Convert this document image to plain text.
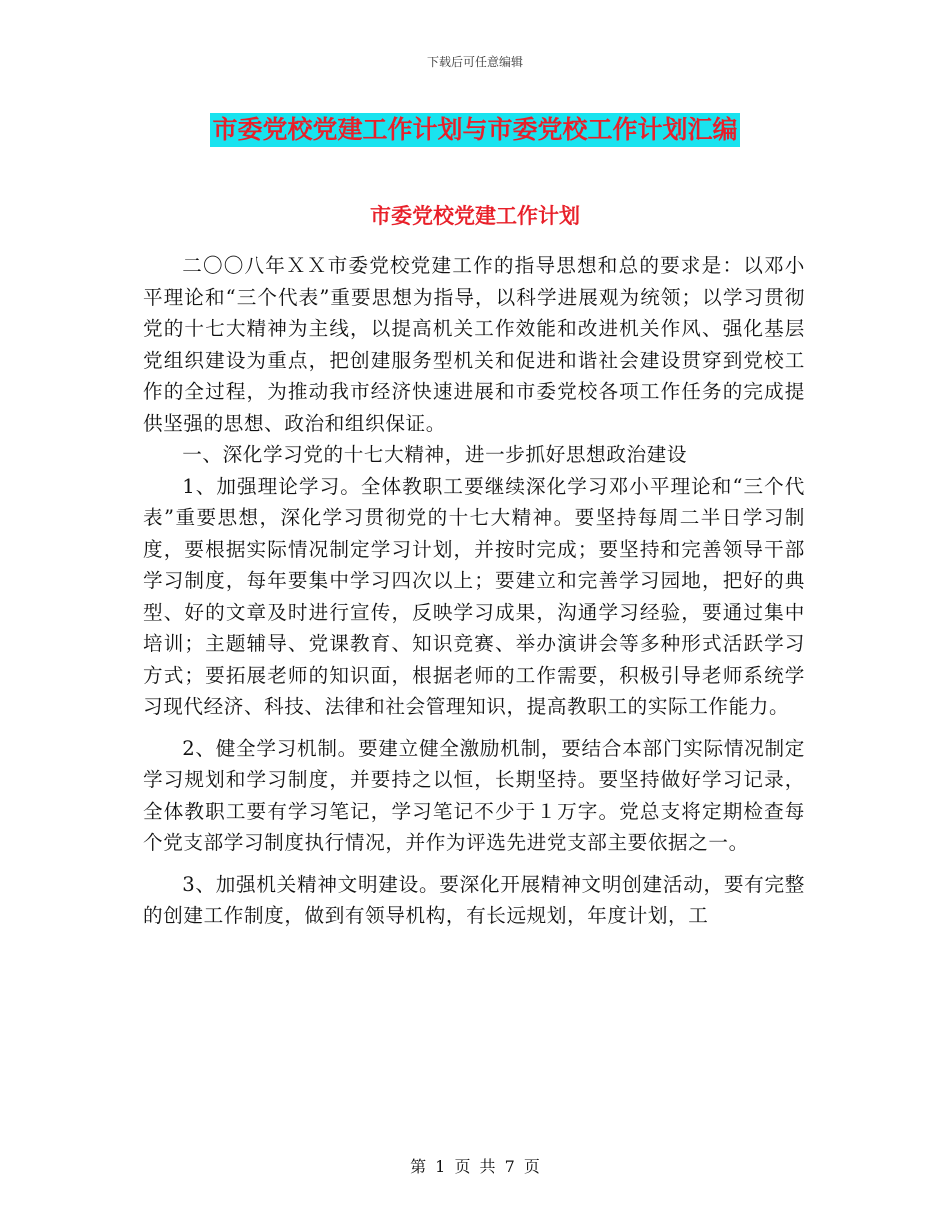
下载后可任意编辑
市委党校党建工作计划与市委党校工作计划汇编
市委党校党建工作计划

二〇〇八年ＸＸ市委党校党建工作的指导思想和总的要求是：以邓小平理论和“三个代表”重要思想为指导，以科学进展观为统领；以学习贯彻党的十七大精神为主线，以提高机关工作效能和改进机关作风、强化基层党组织建设为重点，把创建服务型机关和促进和谐社会建设贯穿到党校工作的全过程，为推动我市经济快速进展和市委党校各项工作任务的完成提供坚强的思想、政治和组织保证。

一、深化学习党的十七大精神，进一步抓好思想政治建设

1、加强理论学习。全体教职工要继续深化学习邓小平理论和“三个代表”重要思想，深化学习贯彻党的十七大精神。要坚持每周二半日学习制度，要根据实际情况制定学习计划，并按时完成；要坚持和完善领导干部学习制度，每年要集中学习四次以上；要建立和完善学习园地，把好的典型、好的文章及时进行宣传，反映学习成果，沟通学习经验，要通过集中培训；主题辅导、党课教育、知识竞赛、举办演讲会等多种形式活跃学习方式；要拓展老师的知识面，根据老师的工作需要，积极引导老师系统学习现代经济、科技、法律和社会管理知识，提高教职工的实际工作能力。

2、健全学习机制。要建立健全激励机制，要结合本部门实际情况制定学习规划和学习制度，并要持之以恒，长期坚持。要坚持做好学习记录，全体教职工要有学习笔记，学习笔记不少于１万字。党总支将定期检查每个党支部学习制度执行情况，并作为评选先进党支部主要依据之一。

3、加强机关精神文明建设。要深化开展精神文明创建活动，要有完整的创建工作制度，做到有领导机构，有长远规划，年度计划，工

第 1 页 共 7 页
